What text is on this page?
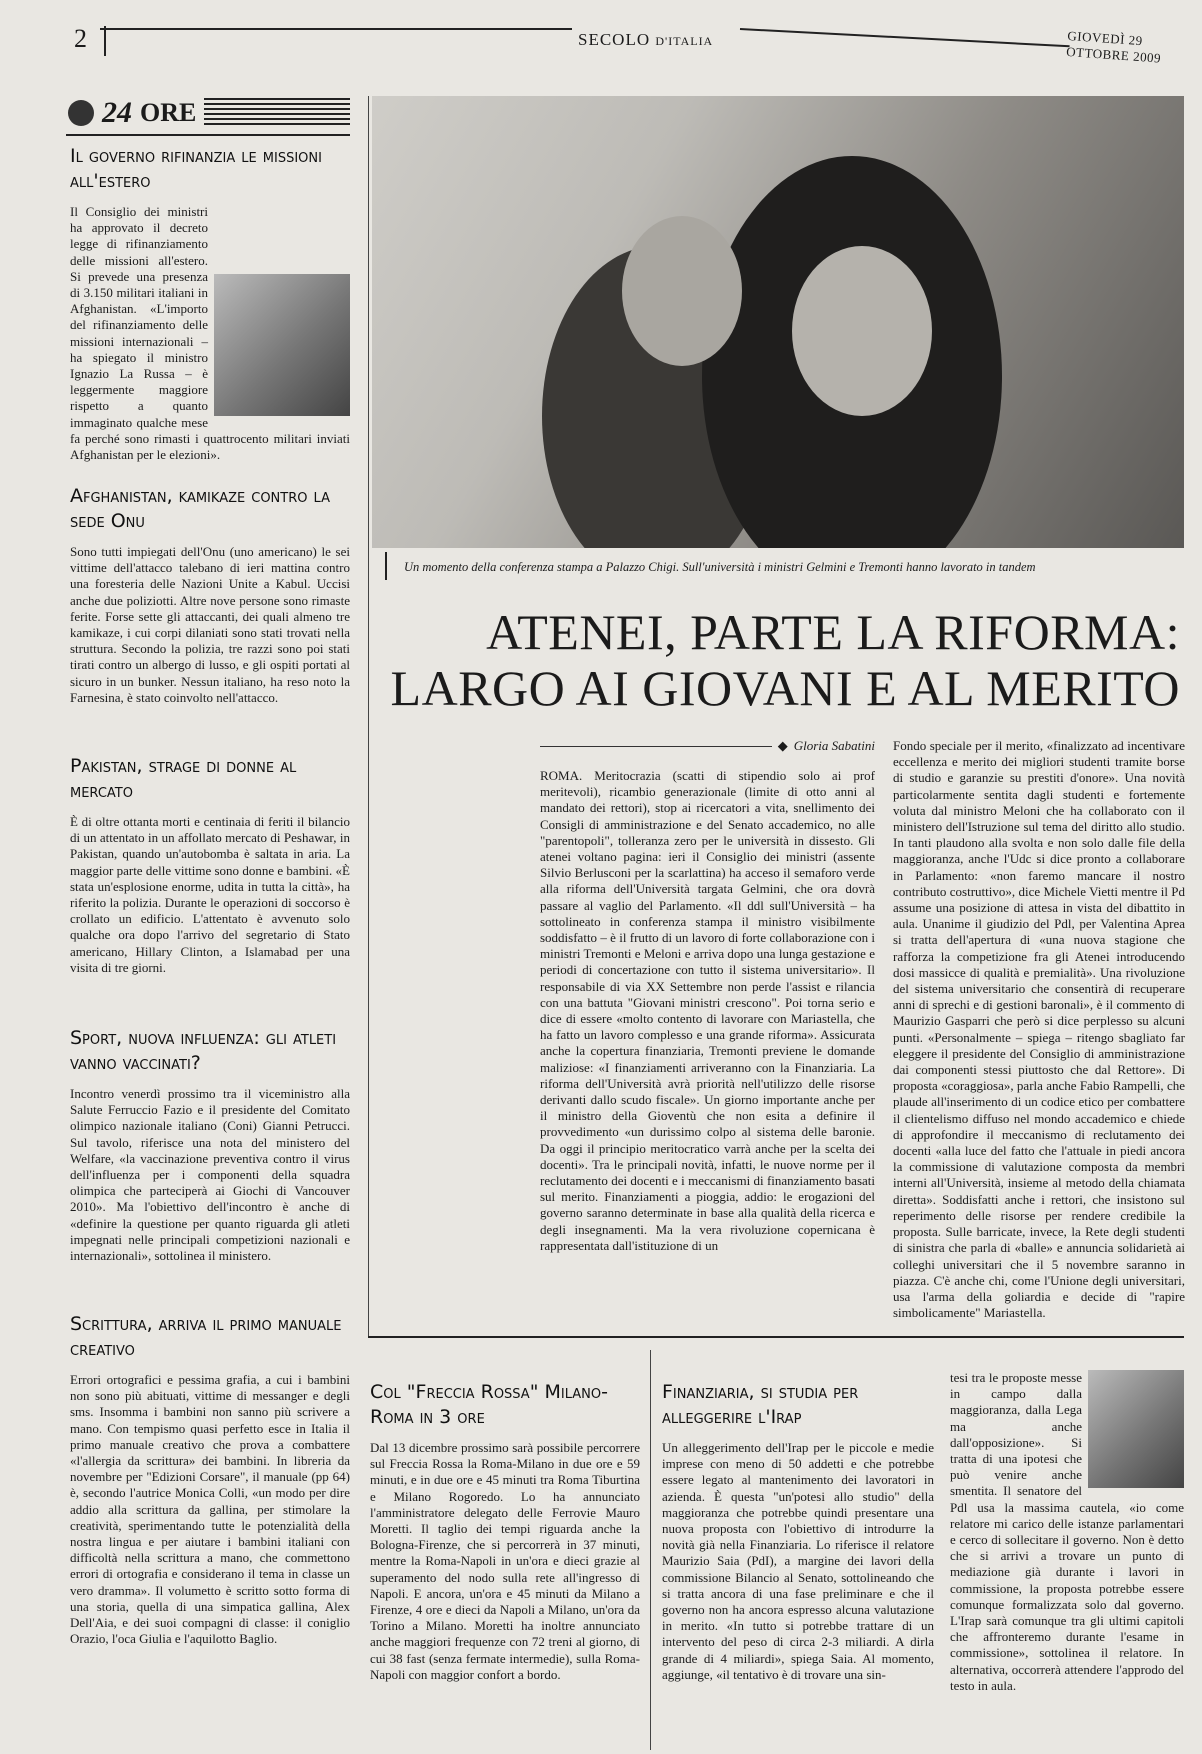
2	SECOLO D'ITALIA	GIOVEDÌ 29 OTTOBRE 2009
24 ORE
Il governo rifinanzia le missioni all'estero

Il Consiglio dei ministri ha approvato il decreto legge di rifinanziamento delle missioni all'estero. Si prevede una presenza di 3.150 militari italiani in Afghanistan. «L'importo del rifinanziamento delle missioni internazionali – ha spiegato il ministro Ignazio La Russa – è leggermente maggiore rispetto a quanto immaginato qualche mese fa perché sono rimasti i quattrocento militari inviati Afghanistan per le elezioni».

Afghanistan, kamikaze contro la sede Onu

Sono tutti impiegati dell'Onu (uno americano) le sei vittime dell'attacco talebano di ieri mattina contro una foresteria delle Nazioni Unite a Kabul. Uccisi anche due poliziotti. Altre nove persone sono rimaste ferite. Forse sette gli attaccanti, dei quali almeno tre kamikaze, i cui corpi dilaniati sono stati trovati nella struttura. Secondo la polizia, tre razzi sono poi stati tirati contro un albergo di lusso, e gli ospiti portati al sicuro in un bunker. Nessun italiano, ha reso noto la Farnesina, è stato coinvolto nell'attacco.

Pakistan, strage di donne al mercato

È di oltre ottanta morti e centinaia di feriti il bilancio di un attentato in un affollato mercato di Peshawar, in Pakistan, quando un'autobomba è saltata in aria. La maggior parte delle vittime sono donne e bambini. «È stata un'esplosione enorme, udita in tutta la città», ha riferito la polizia. Durante le operazioni di soccorso è crollato un edificio. L'attentato è avvenuto solo qualche ora dopo l'arrivo del segretario di Stato americano, Hillary Clinton, a Islamabad per una visita di tre giorni.

Sport, nuova influenza: gli atleti vanno vaccinati?

Incontro venerdì prossimo tra il viceministro alla Salute Ferruccio Fazio e il presidente del Comitato olimpico nazionale italiano (Coni) Gianni Petrucci. Sul tavolo, riferisce una nota del ministero del Welfare, «la vaccinazione preventiva contro il virus dell'influenza per i componenti della squadra olimpica che parteciperà ai Giochi di Vancouver 2010». Ma l'obiettivo dell'incontro è anche di «definire la questione per quanto riguarda gli atleti impegnati nelle principali competizioni nazionali e internazionali», sottolinea il ministero.

Scrittura, arriva il primo manuale creativo

Errori ortografici e pessima grafia, a cui i bambini non sono più abituati, vittime di messanger e degli sms. Insomma i bambini non sanno più scrivere a mano. Con tempismo quasi perfetto esce in Italia il primo manuale creativo che prova a combattere «l'allergia da scrittura» dei bambini. In libreria da novembre per "Edizioni Corsare", il manuale (pp 64) è, secondo l'autrice Monica Colli, «un modo per dire addio alla scrittura da gallina, per stimolare la creatività, sperimentando tutte le potenzialità della nostra lingua e per aiutare i bambini italiani con difficoltà nella scrittura a mano, che commettono errori di ortografia e considerano il tema in classe un vero dramma». Il volumetto è scritto sotto forma di una storia, quella di una simpatica gallina, Alex Dell'Aia, e dei suoi compagni di classe: il coniglio Orazio, l'oca Giulia e l'aquilotto Baglio.

Un momento della conferenza stampa a Palazzo Chigi. Sull'università i ministri Gelmini e Tremonti hanno lavorato in tandem
ATENEI, PARTE LA RIFORMA:
LARGO AI GIOVANI E AL MERITO
◆ Gloria Sabatini

ROMA. Meritocrazia (scatti di stipendio solo ai prof meritevoli), ricambio generazionale (limite di otto anni al mandato dei rettori), stop ai ricercatori a vita, snellimento dei Consigli di amministrazione e del Senato accademico, no alle "parentopoli", tolleranza zero per le università in dissesto. Gli atenei voltano pagina: ieri il Consiglio dei ministri (assente Silvio Berlusconi per la scarlattina) ha acceso il semaforo verde alla riforma dell'Università targata Gelmini, che ora dovrà passare al vaglio del Parlamento. «Il ddl sull'Università – ha sottolineato in conferenza stampa il ministro visibilmente soddisfatto – è il frutto di un lavoro di forte collaborazione con i ministri Tremonti e Meloni e arriva dopo una lunga gestazione e periodi di concertazione con tutto il sistema universitario». Il responsabile di via XX Settembre non perde l'assist e rilancia con una battuta "Giovani ministri crescono". Poi torna serio e dice di essere «molto contento di lavorare con Mariastella, che ha fatto un lavoro complesso e una grande riforma». Assicurata anche la copertura finanziaria, Tremonti previene le domande maliziose: «I finanziamenti arriveranno con la Finanziaria. La riforma dell'Università avrà priorità nell'utilizzo delle risorse derivanti dallo scudo fiscale». Un giorno importante anche per il ministro della Gioventù che non esita a definire il provvedimento «un durissimo colpo al sistema delle baronie. Da oggi il principio meritocratico varrà anche per la scelta dei docenti». Tra le principali novità, infatti, le nuove norme per il reclutamento dei docenti e i meccanismi di finanziamento basati sul merito. Finanziamenti a pioggia, addio: le erogazioni del governo saranno determinate in base alla qualità della ricerca e degli insegnamenti. Ma la vera rivoluzione copernicana è rappresentata dall'istituzione di un

Fondo speciale per il merito, «finalizzato ad incentivare eccellenza e merito dei migliori studenti tramite borse di studio e garanzie su prestiti d'onore». Una novità particolarmente sentita dagli studenti e fortemente voluta dal ministro Meloni che ha collaborato con il ministero dell'Istruzione sul tema del diritto allo studio. In tanti plaudono alla svolta e non solo dalle file della maggioranza, anche l'Udc si dice pronto a collaborare in Parlamento: «non faremo mancare il nostro contributo costruttivo», dice Michele Vietti mentre il Pd assume una posizione di attesa in vista del dibattito in aula. Unanime il giudizio del Pdl, per Valentina Aprea si tratta dell'apertura di «una nuova stagione che rafforza la competizione fra gli Atenei introducendo dosi massicce di qualità e premialità». Una rivoluzione del sistema universitario che consentirà di recuperare anni di sprechi e di gestioni baronali», è il commento di Maurizio Gasparri che però si dice perplesso su alcuni punti. «Personalmente – spiega – ritengo sbagliato far eleggere il presidente del Consiglio di amministrazione dai componenti stessi piuttosto che dal Rettore». Di proposta «coraggiosa», parla anche Fabio Rampelli, che plaude all'inserimento di un codice etico per combattere il clientelismo diffuso nel mondo accademico e chiede di approfondire il meccanismo di reclutamento dei docenti «alla luce del fatto che l'attuale in piedi ancora la commissione di valutazione composta da membri interni all'Università, insieme al metodo della chiamata diretta». Soddisfatti anche i rettori, che insistono sul reperimento delle risorse per rendere credibile la proposta. Sulle barricate, invece, la Rete degli studenti di sinistra che parla di «balle» e annuncia solidarietà ai colleghi universitari che il 5 novembre saranno in piazza. C'è anche chi, come l'Unione degli universitari, usa l'arma della goliardia e decide di "rapire simbolicamente" Mariastella.

Col "Freccia Rossa" Milano-Roma in 3 ore

Dal 13 dicembre prossimo sarà possibile percorrere sul Freccia Rossa la Roma-Milano in due ore e 59 minuti, e in due ore e 45 minuti tra Roma Tiburtina e Milano Rogoredo. Lo ha annunciato l'amministratore delegato delle Ferrovie Mauro Moretti. Il taglio dei tempi riguarda anche la Bologna-Firenze, che si percorrerà in 37 minuti, mentre la Roma-Napoli in un'ora e dieci grazie al superamento del nodo sulla rete all'ingresso di Napoli. E ancora, un'ora e 45 minuti da Milano a Firenze, 4 ore e dieci da Napoli a Milano, un'ora da Torino a Milano. Moretti ha inoltre annunciato anche maggiori frequenze con 72 treni al giorno, di cui 38 fast (senza fermate intermedie), sulla Roma-Napoli con maggior confort a bordo.

Finanziaria, si studia per alleggerire l'Irap

Un alleggerimento dell'Irap per le piccole e medie imprese con meno di 50 addetti e che potrebbe essere legato al mantenimento dei lavoratori in azienda. È questa "un'potesi allo studio" della maggioranza che potrebbe quindi presentare una nuova proposta con l'obiettivo di introdurre la novità già nella Finanziaria. Lo riferisce il relatore Maurizio Saia (PdI), a margine dei lavori della commissione Bilancio al Senato, sottolineando che si tratta ancora di una fase preliminare e che il governo non ha ancora espresso alcuna valutazione in merito. «In tutto si potrebbe trattare di un intervento del peso di circa 2-3 miliardi. A dirla grande di 4 miliardi», spiega Saia. Al momento, aggiunge, «il tentativo è di trovare una sin-

tesi tra le proposte messe in campo dalla maggioranza, dalla Lega ma anche dall'opposizione». Si tratta di una ipotesi che può venire anche smentita. Il senatore del Pdl usa la massima cautela, «io come relatore mi carico delle istanze parlamentari e cerco di sollecitare il governo. Non è detto che si arrivi a trovare un punto di mediazione già durante i lavori in commissione, la proposta potrebbe essere comunque formalizzata solo dal governo. L'Irap sarà comunque tra gli ultimi capitoli che affronteremo durante l'esame in commissione», sottolinea il relatore. In alternativa, occorrerà attendere l'approdo del testo in aula.
